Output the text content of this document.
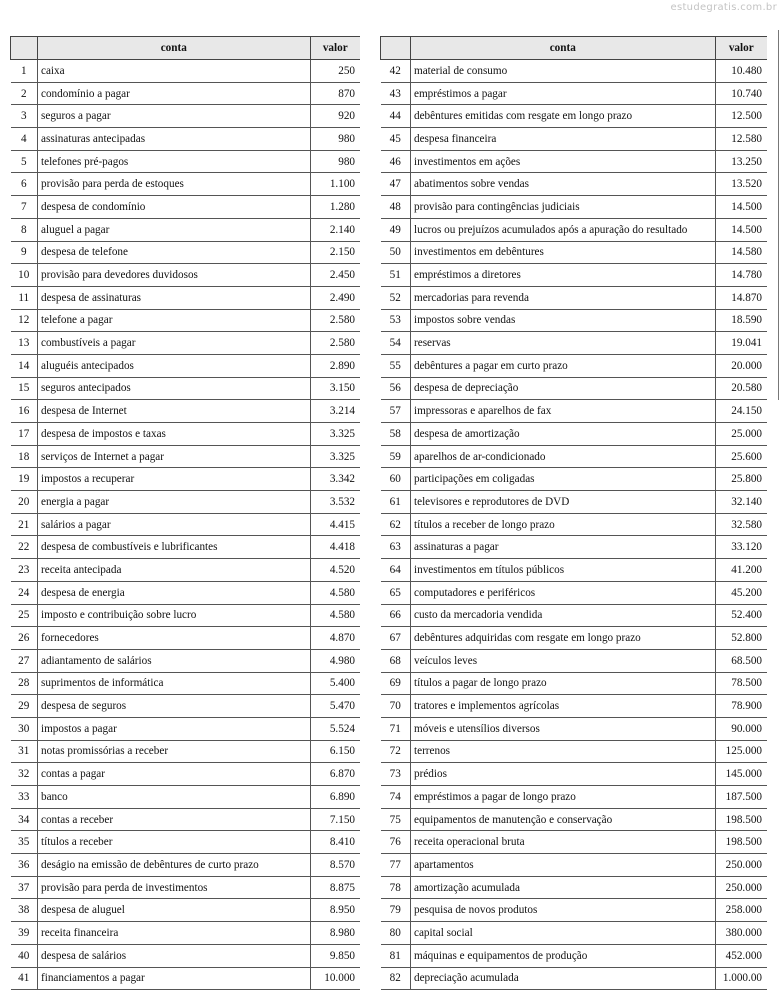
estudegratis.com.br
	conta	valor
1	caixa	250
2	condomínio a pagar	870
3	seguros a pagar	920
4	assinaturas antecipadas	980
5	telefones pré-pagos	980
6	provisão para perda de estoques	1.100
7	despesa de condomínio	1.280
8	aluguel a pagar	2.140
9	despesa de telefone	2.150
10	provisão para devedores duvidosos	2.450
11	despesa de assinaturas	2.490
12	telefone a pagar	2.580
13	combustíveis a pagar	2.580
14	aluguéis antecipados	2.890
15	seguros antecipados	3.150
16	despesa de Internet	3.214
17	despesa de impostos e taxas	3.325
18	serviços de Internet a pagar	3.325
19	impostos a recuperar	3.342
20	energia a pagar	3.532
21	salários a pagar	4.415
22	despesa de combustíveis e lubrificantes	4.418
23	receita antecipada	4.520
24	despesa de energia	4.580
25	imposto e contribuição sobre lucro	4.580
26	fornecedores	4.870
27	adiantamento de salários	4.980
28	suprimentos de informática	5.400
29	despesa de seguros	5.470
30	impostos a pagar	5.524
31	notas promissórias a receber	6.150
32	contas a pagar	6.870
33	banco	6.890
34	contas a receber	7.150
35	títulos a receber	8.410
36	deságio na emissão de debêntures de curto prazo	8.570
37	provisão para perda de investimentos	8.875
38	despesa de aluguel	8.950
39	receita financeira	8.980
40	despesa de salários	9.850
41	financiamentos a pagar	10.000
	conta	valor
42	material de consumo	10.480
43	empréstimos a pagar	10.740
44	debêntures emitidas com resgate em longo prazo	12.500
45	despesa financeira	12.580
46	investimentos em ações	13.250
47	abatimentos sobre vendas	13.520
48	provisão para contingências judiciais	14.500
49	lucros ou prejuízos acumulados após a apuração do resultado	14.500
50	investimentos em debêntures	14.580
51	empréstimos a diretores	14.780
52	mercadorias para revenda	14.870
53	impostos sobre vendas	18.590
54	reservas	19.041
55	debêntures a pagar em curto prazo	20.000
56	despesa de depreciação	20.580
57	impressoras e aparelhos de fax	24.150
58	despesa de amortização	25.000
59	aparelhos de ar-condicionado	25.600
60	participações em coligadas	25.800
61	televisores e reprodutores de DVD	32.140
62	títulos a receber de longo prazo	32.580
63	assinaturas a pagar	33.120
64	investimentos em títulos públicos	41.200
65	computadores e periféricos	45.200
66	custo da mercadoria vendida	52.400
67	debêntures adquiridas com resgate em longo prazo	52.800
68	veículos leves	68.500
69	títulos a pagar de longo prazo	78.500
70	tratores e implementos agrícolas	78.900
71	móveis e utensílios diversos	90.000
72	terrenos	125.000
73	prédios	145.000
74	empréstimos a pagar de longo prazo	187.500
75	equipamentos de manutenção e conservação	198.500
76	receita operacional bruta	198.500
77	apartamentos	250.000
78	amortização acumulada	250.000
79	pesquisa de novos produtos	258.000
80	capital social	380.000
81	máquinas e equipamentos de produção	452.000
82	depreciação acumulada	1.000.00
